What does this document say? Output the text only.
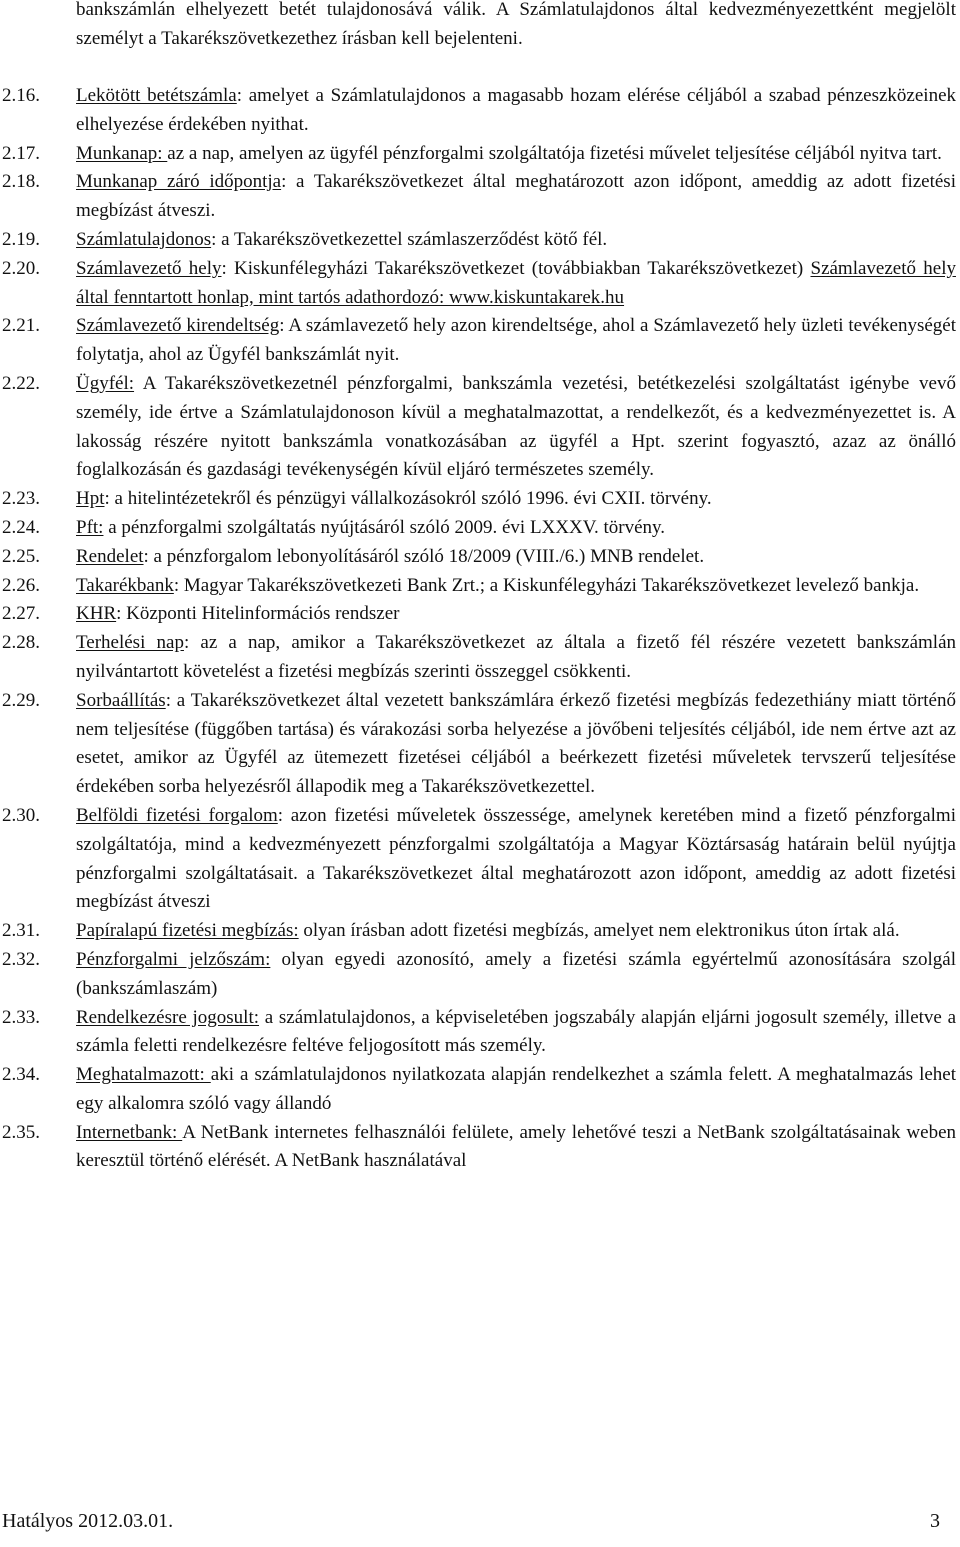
bankszámlán elhelyezett betét tulajdonosává válik. A Számlatulajdonos által kedvezményezettként megjelölt személyt a Takarékszövetkezethez írásban kell bejelenteni.

2.16.	Lekötött betétszámla: amelyet a Számlatulajdonos a magasabb hozam elérése céljából a szabad pénzeszközeinek elhelyezése érdekében nyithat.

2.17.	Munkanap: az a nap, amelyen az ügyfél pénzforgalmi szolgáltatója fizetési művelet teljesítése céljából nyitva tart.

2.18.	Munkanap záró időpontja: a Takarékszövetkezet által meghatározott azon időpont, ameddig az adott fizetési megbízást átveszi.

2.19.	Számlatulajdonos: a Takarékszövetkezettel számlaszerződést kötő fél.

2.20.	Számlavezető hely: Kiskunfélegyházi Takarékszövetkezet (továbbiakban Takarékszövetkezet) Számlavezető hely által fenntartott honlap, mint tartós adathordozó: www.kiskuntakarek.hu

2.21.	Számlavezető kirendeltség: A számlavezető hely azon kirendeltsége, ahol a Számlavezető hely üzleti tevékenységét folytatja, ahol az Ügyfél bankszámlát nyit.

2.22.	Ügyfél: A Takarékszövetkezetnél pénzforgalmi, bankszámla vezetési, betétkezelési szolgáltatást igénybe vevő személy, ide értve a Számlatulajdonoson kívül a meghatalmazottat, a rendelkezőt, és a kedvezményezettet is. A lakosság részére nyitott bankszámla vonatkozásában az ügyfél a Hpt. szerint fogyasztó, azaz az önálló foglalkozásán és gazdasági tevékenységén kívül eljáró természetes személy.

2.23.	Hpt: a hitelintézetekről és pénzügyi vállalkozásokról szóló 1996. évi CXII. törvény.

2.24.	Pft: a pénzforgalmi szolgáltatás nyújtásáról szóló 2009. évi LXXXV. törvény.

2.25.	Rendelet: a pénzforgalom lebonyolításáról szóló 18/2009 (VIII./6.) MNB rendelet.

2.26.	Takarékbank: Magyar Takarékszövetkezeti Bank Zrt.; a Kiskunfélegyházi Takarékszövetkezet levelező bankja.

2.27.	KHR: Központi Hitelinformációs rendszer

2.28.	Terhelési nap: az a nap, amikor a Takarékszövetkezet az általa a fizető fél részére vezetett bankszámlán nyilvántartott követelést a fizetési megbízás szerinti összeggel csökkenti.

2.29.	Sorbaállítás: a Takarékszövetkezet által vezetett bankszámlára érkező fizetési megbízás fedezethiány miatt történő nem teljesítése (függőben tartása) és várakozási sorba helyezése a jövőbeni teljesítés céljából, ide nem értve azt az esetet, amikor az Ügyfél az ütemezett fizetései céljából a beérkezett fizetési műveletek tervszerű teljesítése érdekében sorba helyezésről állapodik meg a Takarékszövetkezettel.

2.30.	Belföldi fizetési forgalom: azon fizetési műveletek összessége, amelynek keretében mind a fizető pénzforgalmi szolgáltatója, mind a kedvezményezett pénzforgalmi szolgáltatója a Magyar Köztársaság határain belül nyújtja pénzforgalmi szolgáltatásait. a Takarékszövetkezet által meghatározott azon időpont, ameddig az adott fizetési megbízást átveszi

2.31.	Papíralapú fizetési megbízás: olyan írásban adott fizetési megbízás, amelyet nem elektronikus úton írtak alá.

2.32.	Pénzforgalmi jelzőszám: olyan egyedi azonosító, amely a fizetési számla egyértelmű azonosítására szolgál (bankszámlaszám)

2.33.	Rendelkezésre jogosult: a számlatulajdonos, a képviseletében jogszabály alapján eljárni jogosult személy, illetve a számla feletti rendelkezésre feltéve feljogosított más személy.

2.34.	Meghatalmazott: aki a számlatulajdonos nyilatkozata alapján rendelkezhet a számla felett. A meghatalmazás lehet egy alkalomra szóló vagy állandó

2.35.	Internetbank: A NetBank internetes felhasználói felülete, amely lehetővé teszi a NetBank szolgáltatásainak weben keresztül történő elérését. A NetBank használatával

Hatályos 2012.03.01.	3
